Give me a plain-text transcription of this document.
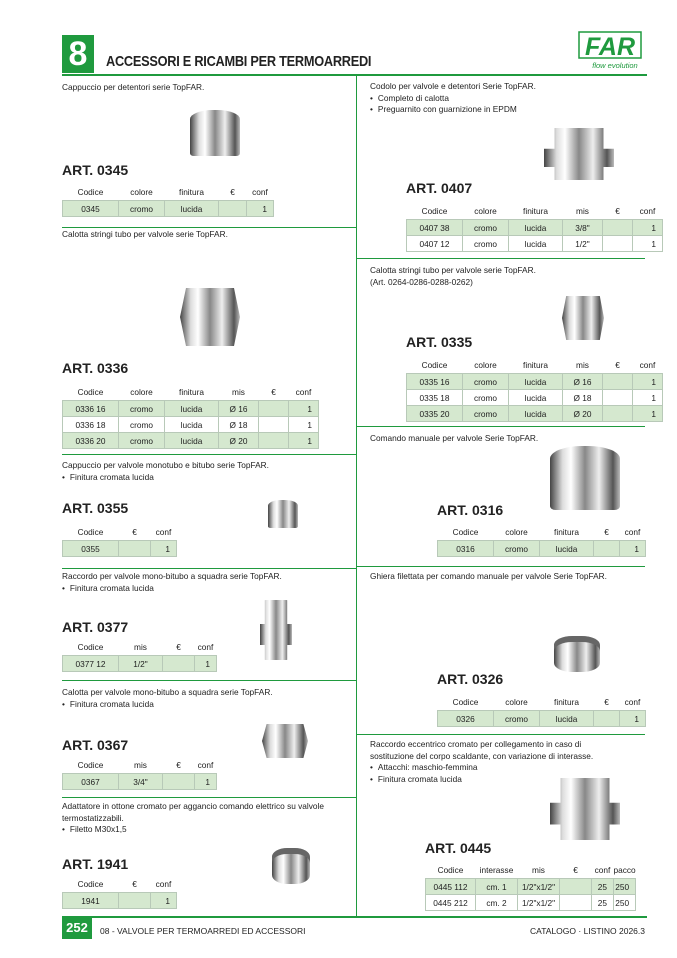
8	ACCESSORI E RICAMBI PER TERMOARREDI
FAR
flow evolution
Cappuccio per detentori serie TopFAR.
ART. 0345
Codice	colore	finitura	€	conf
0345	cromo	lucida		1
Calotta stringi tubo per valvole serie TopFAR.
ART. 0336
Codice	colore	finitura	mis	€	conf
0336 16	cromo	lucida	Ø 16		1
0336 18	cromo	lucida	Ø 18		1
0336 20	cromo	lucida	Ø 20		1
Cappuccio per valvole monotubo e bitubo serie TopFAR.
• Finitura cromata lucida
ART. 0355
Codice	€	conf
0355		1
Raccordo per valvole mono-bitubo a squadra serie TopFAR.
• Finitura cromata lucida
ART. 0377
Codice	mis	€	conf
0377 12	1/2"		1
Calotta per valvole mono-bitubo a squadra serie TopFAR.
• Finitura cromata lucida
ART. 0367
Codice	mis	€	conf
0367	3/4"		1
Adattatore in ottone cromato per aggancio comando elettrico su valvole
termostatizzabili.
• Filetto M30x1,5
ART. 1941
Codice	€	conf
1941		1
Codolo per valvole e detentori Serie TopFAR.
• Completo di calotta
• Preguarnito con guarnizione in EPDM
ART. 0407
Codice	colore	finitura	mis	€	conf
0407 38	cromo	lucida	3/8"		1
0407 12	cromo	lucida	1/2"		1
Calotta stringi tubo per valvole serie TopFAR.
(Art. 0264-0286-0288-0262)
ART. 0335
Codice	colore	finitura	mis	€	conf
0335 16	cromo	lucida	Ø 16		1
0335 18	cromo	lucida	Ø 18		1
0335 20	cromo	lucida	Ø 20		1
Comando manuale per valvole Serie TopFAR.
ART. 0316
Codice	colore	finitura	€	conf
0316	cromo	lucida		1
Ghiera filettata per comando manuale per valvole Serie TopFAR.
ART. 0326
Codice	colore	finitura	€	conf
0326	cromo	lucida		1
Raccordo eccentrico cromato per collegamento in caso di
sostituzione del corpo scaldante, con variazione di interasse.
• Attacchi: maschio-femmina
• Finitura cromata lucida
ART. 0445
Codice	interasse	mis	€	conf	pacco
0445 112	cm. 1	1/2"x1/2"		25	250
0445 212	cm. 2	1/2"x1/2"		25	250
252	08 - VALVOLE PER TERMOARREDI ED ACCESSORI	CATALOGO · LISTINO 2026.3
